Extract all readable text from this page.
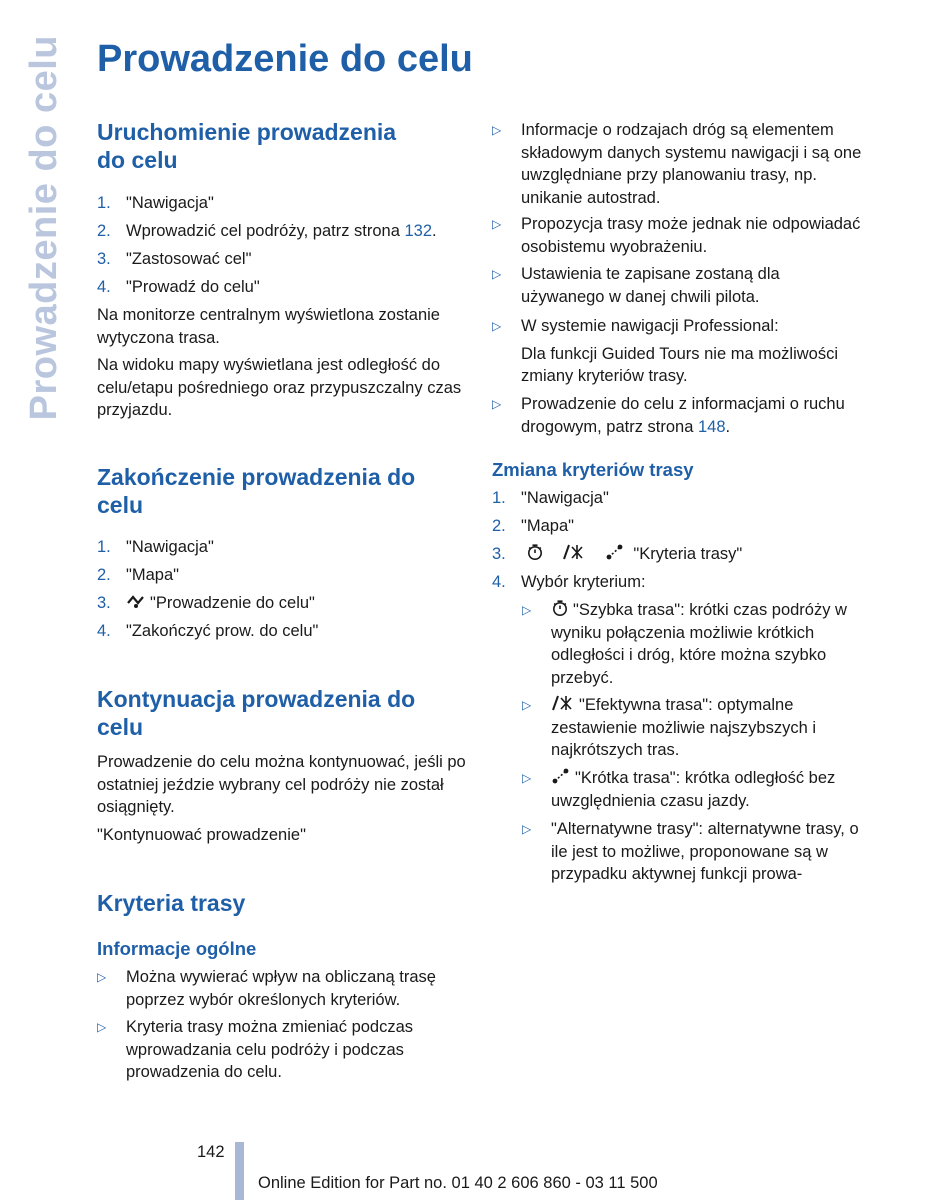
Prowadzenie do celu Prowadzenie do celu
Uruchomienie prowadzenia
do celu
1. "Nawigacja"
2. Wprowadzić cel podróży, patrz strona 132.
3. "Zastosować cel"
4. "Prowadź do celu"
Na monitorze centralnym wyświetlona zostanie wytyczona trasa.
Na widoku mapy wyświetlana jest odległość do celu/etapu pośredniego oraz przypuszczalny czas przyjazdu.
Zakończenie prowadzenia do
celu
1. "Nawigacja"
2. "Mapa"
3. "Prowadzenie do celu"
4. "Zakończyć prow. do celu"
Kontynuacja prowadzenia do
celu
Prowadzenie do celu można kontynuować, jeśli po ostatniej jeździe wybrany cel podróży nie został osiągnięty.
"Kontynuować prowadzenie"
Kryteria trasy
Informacje ogólne
▷ Można wywierać wpływ na obliczaną trasę poprzez wybór określonych kryteriów.
▷ Kryteria trasy można zmieniać podczas wprowadzania celu podróży i podczas prowadzenia do celu.
▷ Informacje o rodzajach dróg są elementem składowym danych systemu nawigacji i są one uwzględniane przy planowaniu trasy, np. unikanie autostrad.
▷ Propozycja trasy może jednak nie odpowiadać osobistemu wyobrażeniu.
▷ Ustawienia te zapisane zostaną dla używanego w danej chwili pilota.
▷ W systemie nawigacji Professional:
Dla funkcji Guided Tours nie ma możliwości zmiany kryteriów trasy.
▷ Prowadzenie do celu z informacjami o ruchu drogowym, patrz strona 148.
Zmiana kryteriów trasy
1. "Nawigacja"
2. "Mapa"
3.	"Kryteria trasy"
4. Wybór kryterium:
▷	"Szybka trasa": krótki czas podróży w wyniku połączenia możliwie krótkich odległości i dróg, które można szybko przebyć.
▷	"Efektywna trasa": optymalne zestawienie możliwie najszybszych i najkrótszych tras.
▷	"Krótka trasa": krótka odległość bez uwzględnienia czasu jazdy.
▷ "Alternatywne trasy": alternatywne trasy, o ile jest to możliwe, proponowane są w przypadku aktywnej funkcji prowa-
142
Online Edition for Part no. 01 40 2 606 860 - 03 11 500
